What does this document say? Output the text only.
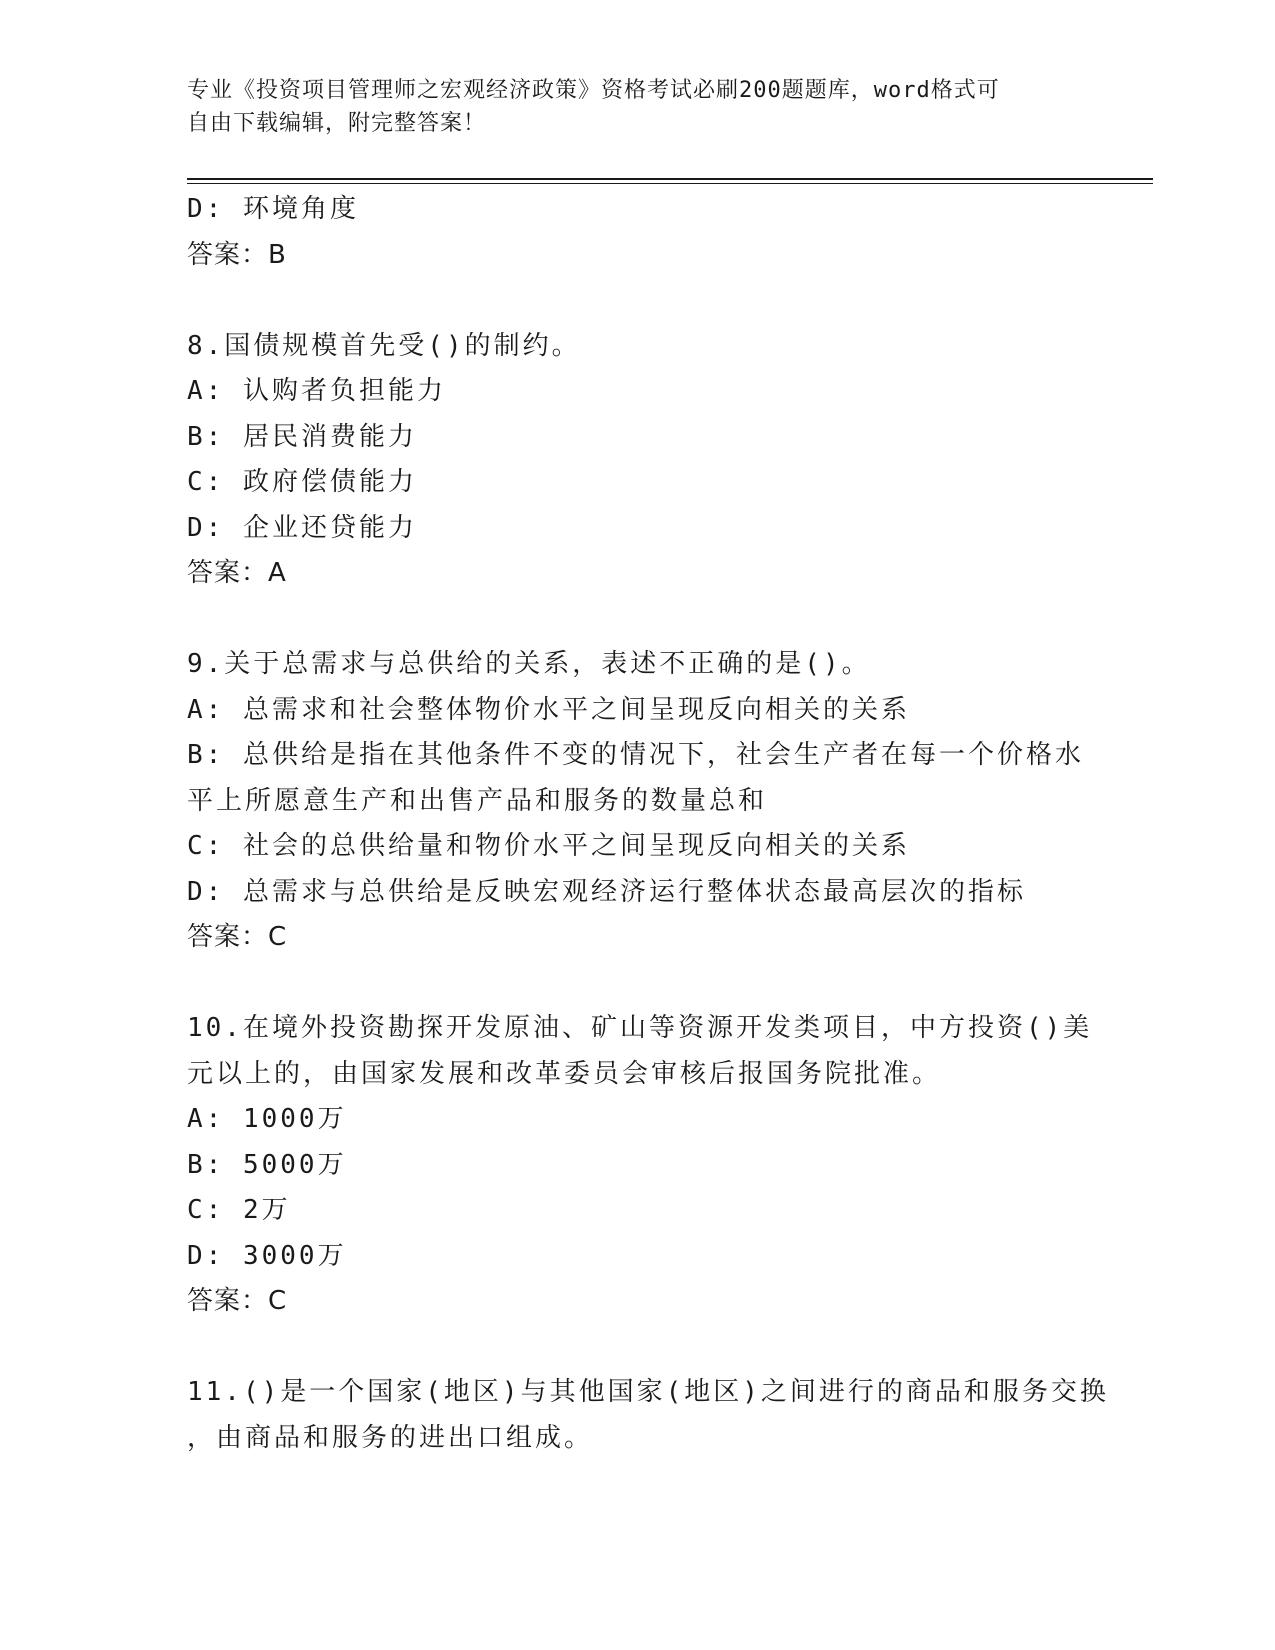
专业《投资项目管理师之宏观经济政策》资格考试必刷200题题库，word格式可
自由下载编辑，附完整答案！
D: 环境角度
答案：B
8.国债规模首先受()的制约。
A: 认购者负担能力
B: 居民消费能力
C: 政府偿债能力
D: 企业还贷能力
答案：A
9.关于总需求与总供给的关系，表述不正确的是()。
A: 总需求和社会整体物价水平之间呈现反向相关的关系
B: 总供给是指在其他条件不变的情况下，社会生产者在每一个价格水
平上所愿意生产和出售产品和服务的数量总和
C: 社会的总供给量和物价水平之间呈现反向相关的关系
D: 总需求与总供给是反映宏观经济运行整体状态最高层次的指标
答案：C
10.在境外投资勘探开发原油、矿山等资源开发类项目，中方投资()美
元以上的，由国家发展和改革委员会审核后报国务院批准。
A: 1000万
B: 5000万
C: 2万
D: 3000万
答案：C
11.()是一个国家(地区)与其他国家(地区)之间进行的商品和服务交换
，由商品和服务的进出口组成。
